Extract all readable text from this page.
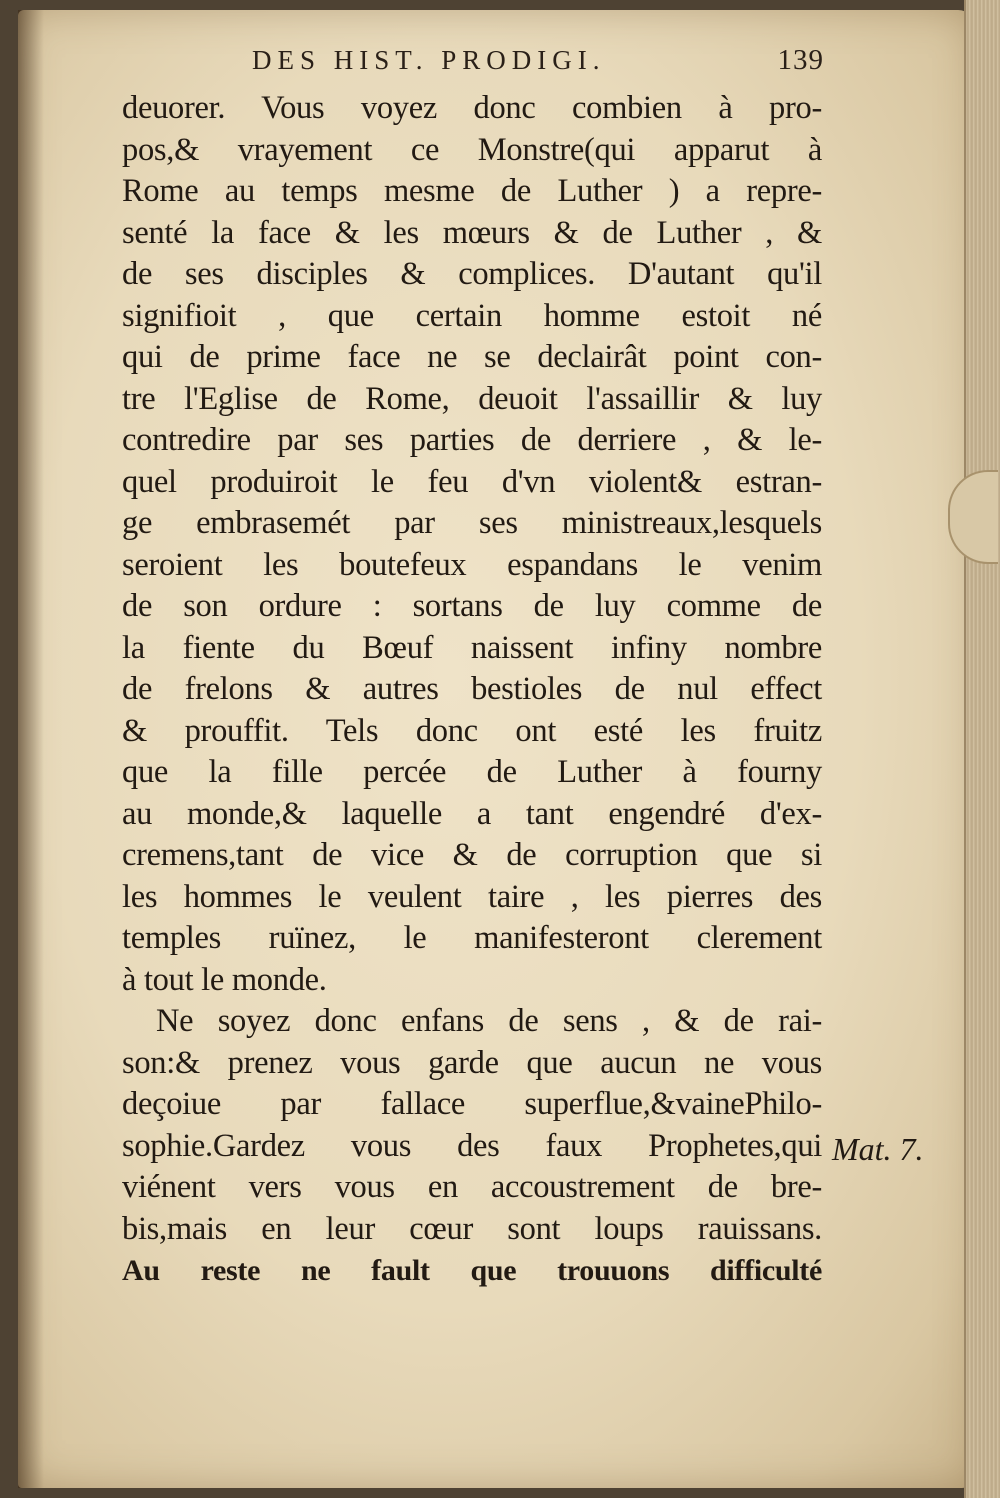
DES HIST. PRODIGI.	139
deuorer. Vous voyez donc combien à pro-
pos,& vrayement ce Monstre(qui apparut à
Rome au temps mesme de Luther ) a repre-
senté la face & les mœurs & de Luther , &
de ses disciples & complices. D'autant qu'il
signifioit , que certain homme estoit né
qui de prime face ne se declairât point con-
tre l'Eglise de Rome, deuoit l'assaillir & luy
contredire par ses parties de derriere , & le-
quel produiroit le feu d'vn violent& estran-
ge embrasemét par ses ministreaux,lesquels
seroient les boutefeux espandans le venim
de son ordure : sortans de luy comme de
la fiente du Bœuf naissent infiny nombre
de frelons & autres bestioles de nul effect
& prouffit. Tels donc ont esté les fruitz
que la fille percée de Luther à fourny
au monde,& laquelle a tant engendré d'ex-
cremens,tant de vice & de corruption que si
les hommes le veulent taire , les pierres des
temples ruïnez, le manifesteront clerement
à tout le monde.
Ne soyez donc enfans de sens , & de rai-
son:& prenez vous garde que aucun ne vous
deçoiue par fallace superflue,&vainePhilo-
sophie.Gardez vous des faux Prophetes,qui
viénent vers vous en accoustrement de bre-
bis,mais en leur cœur sont loups rauissans.
Au reste ne fault que trouuons difficulté
Mat. 7.
